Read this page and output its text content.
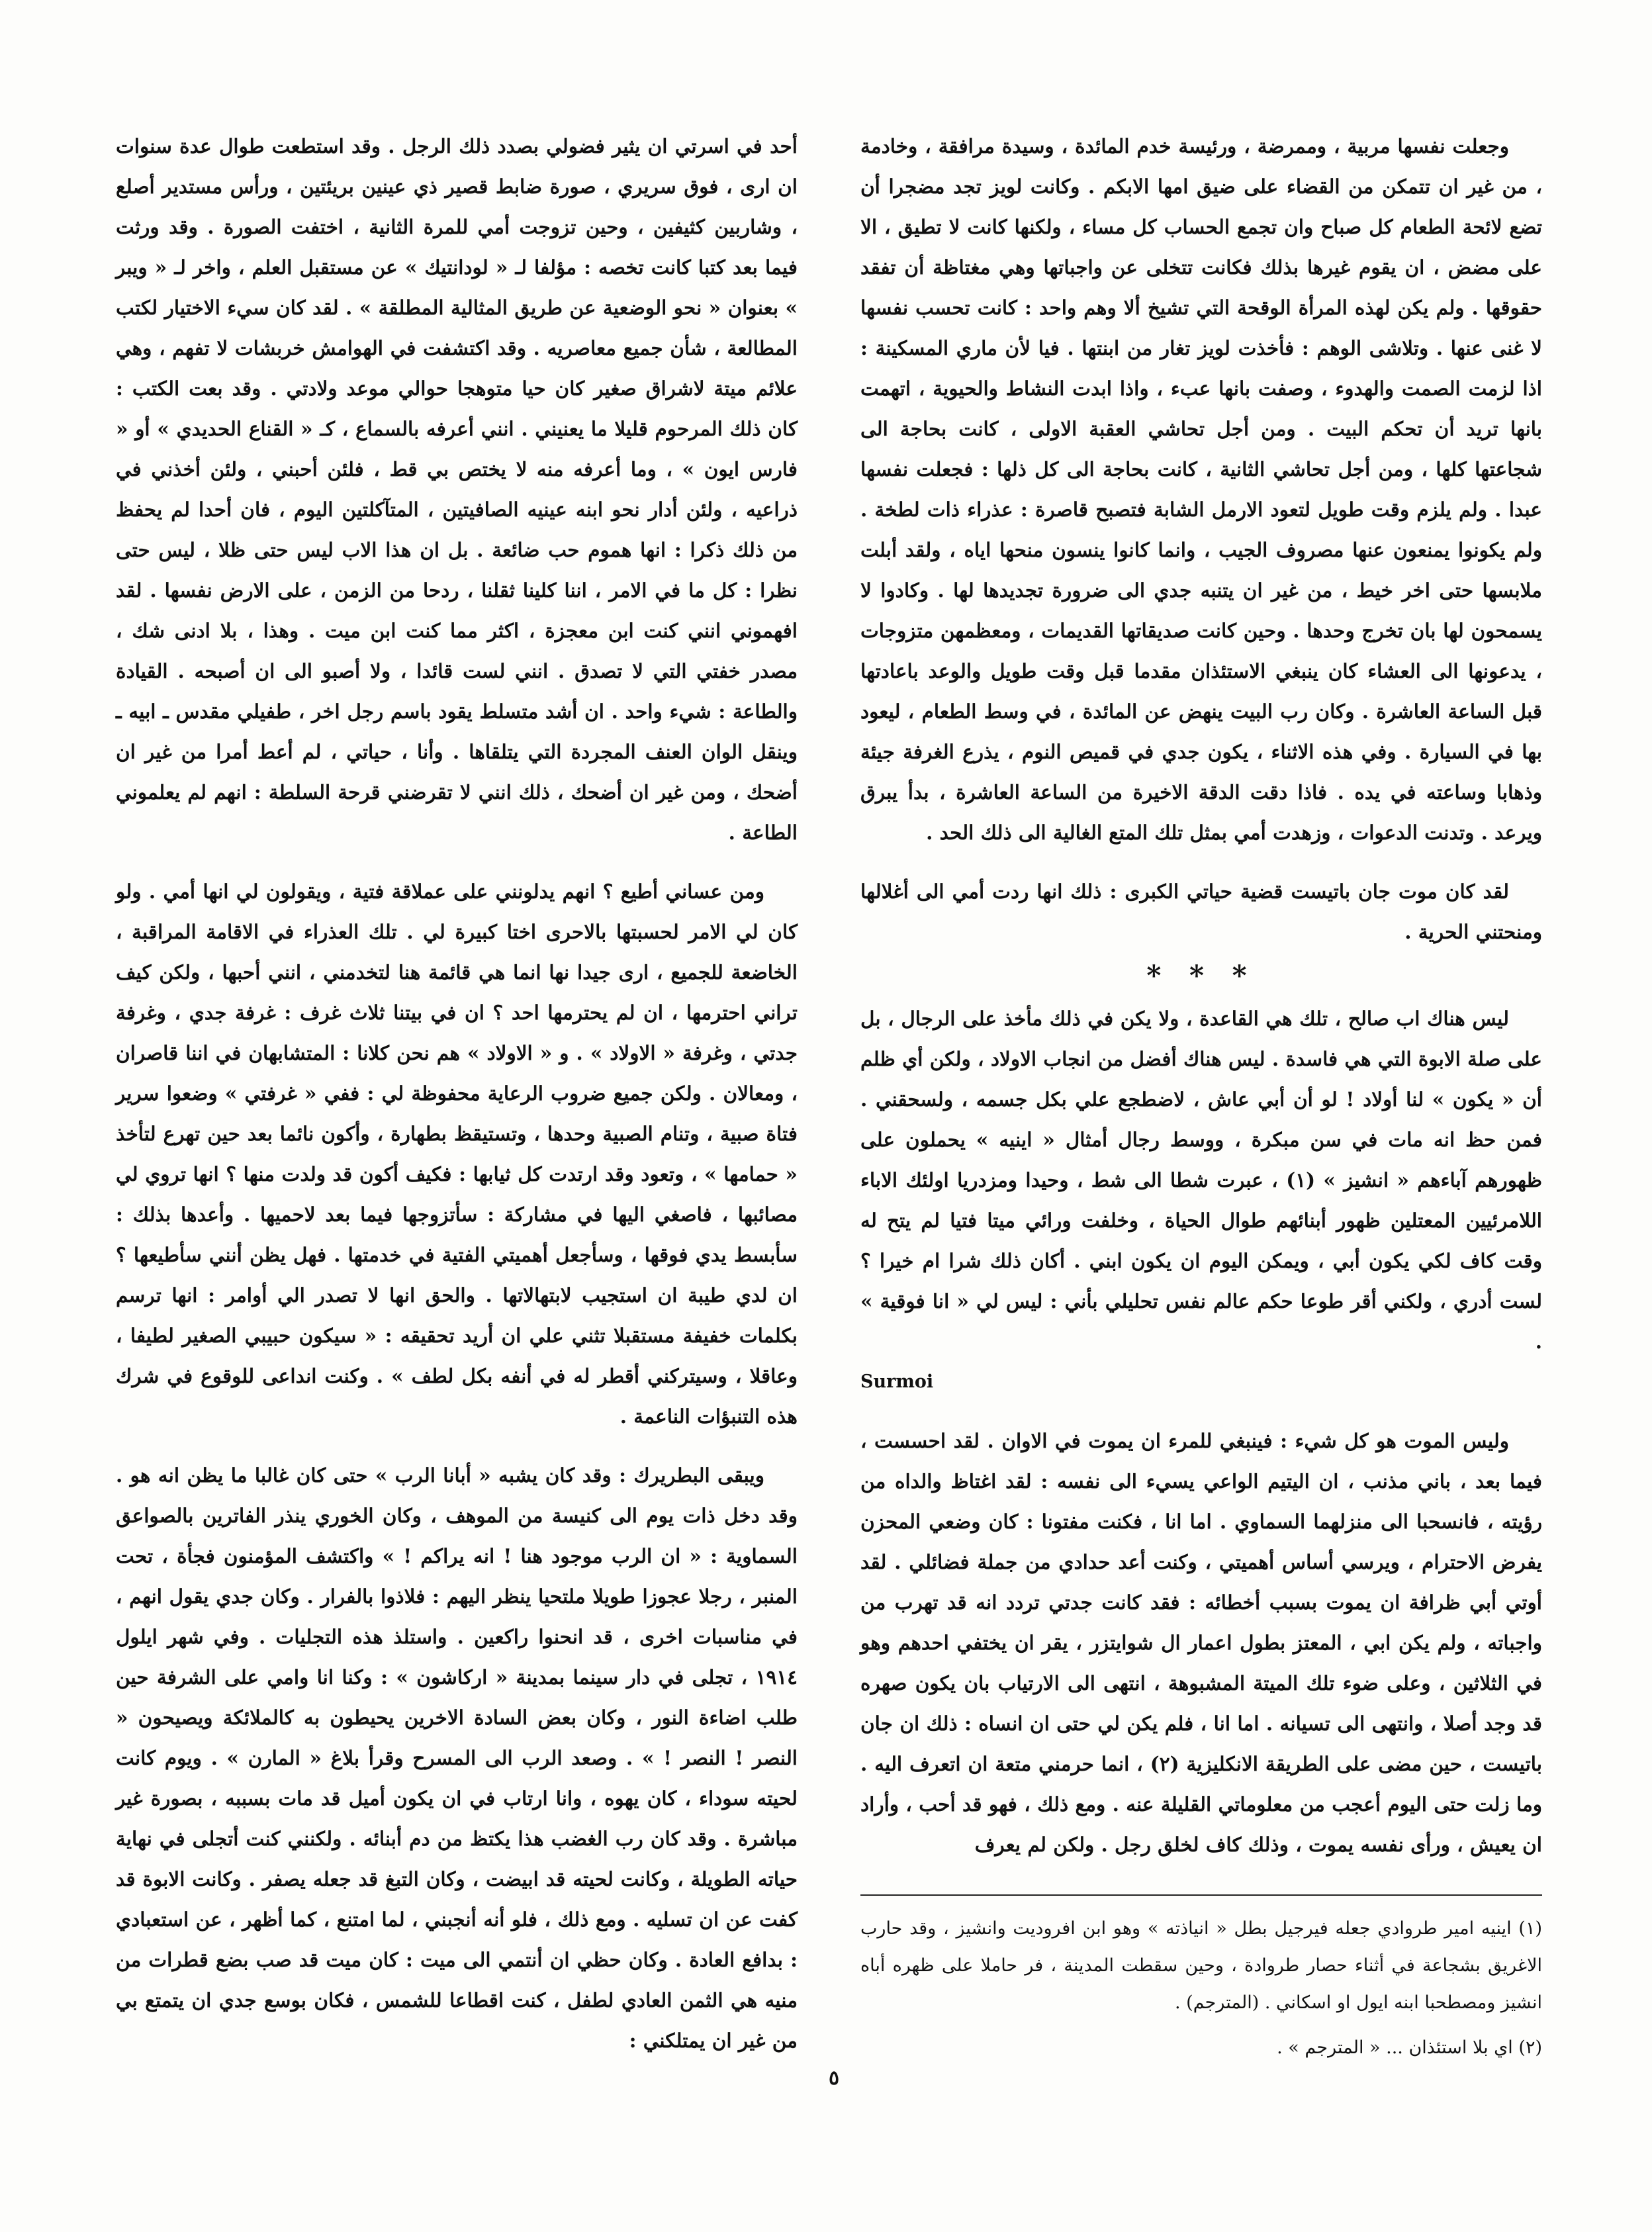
وجعلت نفسها مربية ، وممرضة ، ورئيسة خدم المائدة ، وسيدة مرافقة ، وخادمة ، من غير ان تتمكن من القضاء على ضيق امها الابكم . وكانت لويز تجد مضجرا أن تضع لائحة الطعام كل صباح وان تجمع الحساب كل مساء ، ولكنها كانت لا تطيق ، الا على مضض ، ان يقوم غيرها بذلك فكانت تتخلى عن واجباتها وهي مغتاظة أن تفقد حقوقها . ولم يكن لهذه المرأة الوقحة التي تشيخ ألا وهم واحد : كانت تحسب نفسها لا غنى عنها . وتلاشى الوهم : فأخذت لويز تغار من ابنتها . فيا لأن ماري المسكينة : اذا لزمت الصمت والهدوء ، وصفت بانها عبء ، واذا ابدت النشاط والحيوية ، اتهمت بانها تريد أن تحكم البيت . ومن أجل تحاشي العقبة الاولى ، كانت بحاجة الى شجاعتها كلها ، ومن أجل تحاشي الثانية ، كانت بحاجة الى كل ذلها : فجعلت نفسها عبدا . ولم يلزم وقت طويل لتعود الارمل الشابة فتصبح قاصرة : عذراء ذات لطخة . ولم يكونوا يمنعون عنها مصروف الجيب ، وانما كانوا ينسون منحها اياه ، ولقد أبلت ملابسها حتى اخر خيط ، من غير ان يتنبه جدي الى ضرورة تجديدها لها . وكادوا لا يسمحون لها بان تخرج وحدها . وحين كانت صديقاتها القديمات ، ومعظمهن متزوجات ، يدعونها الى العشاء كان ينبغي الاستئذان مقدما قبل وقت طويل والوعد باعادتها قبل الساعة العاشرة . وكان رب البيت ينهض عن المائدة ، في وسط الطعام ، ليعود بها في السيارة . وفي هذه الاثناء ، يكون جدي في قميص النوم ، يذرع الغرفة جيئة وذهابا وساعته في يده . فاذا دقت الدقة الاخيرة من الساعة العاشرة ، بدأ يبرق ويرعد . وتدنت الدعوات ، وزهدت أمي بمثل تلك المتع الغالية الى ذلك الحد .

لقد كان موت جان باتيست قضية حياتي الكبرى : ذلك انها ردت أمي الى أغلالها ومنحتني الحرية .

* * *

ليس هناك اب صالح ، تلك هي القاعدة ، ولا يكن في ذلك مأخذ على الرجال ، بل على صلة الابوة التي هي فاسدة . ليس هناك أفضل من انجاب الاولاد ، ولكن أي ظلم أن « يكون » لنا أولاد ! لو أن أبي عاش ، لاضطجع علي بكل جسمه ، ولسحقني . فمن حظ انه مات في سن مبكرة ، ووسط رجال أمثال « اينيه » يحملون على ظهورهم آباءهم « انشيز » (١) ، عبرت شطا الى شط ، وحيدا ومزدريا اولئك الاباء اللامرئيين المعتلين ظهور أبنائهم طوال الحياة ، وخلفت ورائي ميتا فتيا لم يتح له وقت كاف لكي يكون أبي ، ويمكن اليوم ان يكون ابني . أكان ذلك شرا ام خيرا ؟ لست أدري ، ولكني أقر طوعا حكم عالم نفس تحليلي بأني : ليس لي « انا فوقية » .

Surmoi

وليس الموت هو كل شيء : فينبغي للمرء ان يموت في الاوان . لقد احسست ، فيما بعد ، باني مذنب ، ان اليتيم الواعي يسيء الى نفسه : لقد اغتاظ والداه من رؤيته ، فانسحبا الى منزلهما السماوي . اما انا ، فكنت مفتونا : كان وضعي المحزن يفرض الاحترام ، ويرسي أساس أهميتي ، وكنت أعد حدادي من جملة فضائلي . لقد أوتي أبي ظرافة ان يموت بسبب أخطائه : فقد كانت جدتي تردد انه قد تهرب من واجباته ، ولم يكن ابي ، المعتز بطول اعمار ال شوايتزر ، يقر ان يختفي احدهم وهو في الثلاثين ، وعلى ضوء تلك الميتة المشبوهة ، انتهى الى الارتياب بان يكون صهره قد وجد أصلا ، وانتهى الى تسيانه . اما انا ، فلم يكن لي حتى ان انساه : ذلك ان جان باتيست ، حين مضى على الطريقة الانكليزية (٢) ، انما حرمني متعة ان اتعرف اليه . وما زلت حتى اليوم أعجب من معلوماتي القليلة عنه . ومع ذلك ، فهو قد أحب ، وأراد ان يعيش ، ورأى نفسه يموت ، وذلك كاف لخلق رجل . ولكن لم يعرف

أحد في اسرتي ان يثير فضولي بصدد ذلك الرجل . وقد استطعت طوال عدة سنوات ان ارى ، فوق سريري ، صورة ضابط قصير ذي عينين بريئتين ، ورأس مستدير أصلع ، وشاربين كثيفين ، وحين تزوجت أمي للمرة الثانية ، اختفت الصورة . وقد ورثت فيما بعد كتبا كانت تخصه : مؤلفا لـ « لودانتيك » عن مستقبل العلم ، واخر لـ « ويبر » بعنوان « نحو الوضعية عن طريق المثالية المطلقة » . لقد كان سيء الاختيار لكتب المطالعة ، شأن جميع معاصريه . وقد اكتشفت في الهوامش خربشات لا تفهم ، وهي علائم ميتة لاشراق صغير كان حيا متوهجا حوالي موعد ولادتي . وقد بعت الكتب : كان ذلك المرحوم قليلا ما يعنيني . انني أعرفه بالسماع ، كـ « القناع الحديدي » أو « فارس ايون » ، وما أعرفه منه لا يختص بي قط ، فلئن أحبني ، ولئن أخذني في ذراعيه ، ولئن أدار نحو ابنه عينيه الصافيتين ، المتآكلتين اليوم ، فان أحدا لم يحفظ من ذلك ذكرا : انها هموم حب ضائعة . بل ان هذا الاب ليس حتى ظلا ، ليس حتى نظرا : كل ما في الامر ، اننا كلينا ثقلنا ، ردحا من الزمن ، على الارض نفسها . لقد افهموني انني كنت ابن معجزة ، اكثر مما كنت ابن ميت . وهذا ، بلا ادنى شك ، مصدر خفتي التي لا تصدق . انني لست قائدا ، ولا أصبو الى ان أصبحه . القيادة والطاعة : شيء واحد . ان أشد متسلط يقود باسم رجل اخر ، طفيلي مقدس ـ ابيه ـ وينقل الوان العنف المجردة التي يتلقاها . وأنا ، حياتي ، لم أعط أمرا من غير ان أضحك ، ومن غير ان أضحك ، ذلك انني لا تقرضني قرحة السلطة : انهم لم يعلموني الطاعة .

ومن عساني أطيع ؟ انهم يدلونني على عملاقة فتية ، ويقولون لي انها أمي . ولو كان لي الامر لحسبتها بالاحرى اختا كبيرة لي . تلك العذراء في الاقامة المراقبة ، الخاضعة للجميع ، ارى جيدا نها انما هي قائمة هنا لتخدمني ، انني أحبها ، ولكن كيف تراني احترمها ، ان لم يحترمها احد ؟ ان في بيتنا ثلاث غرف : غرفة جدي ، وغرفة جدتي ، وغرفة « الاولاد » . و « الاولاد » هم نحن كلانا : المتشابهان في اننا قاصران ، ومعالان . ولكن جميع ضروب الرعاية محفوظة لي : ففي « غرفتي » وضعوا سرير فتاة صبية ، وتنام الصبية وحدها ، وتستيقظ بطهارة ، وأكون نائما بعد حين تهرع لتأخذ « حمامها » ، وتعود وقد ارتدت كل ثيابها : فكيف أكون قد ولدت منها ؟ انها تروي لي مصائبها ، فاصغي اليها في مشاركة : سأتزوجها فيما بعد لاحميها . وأعدها بذلك : سأبسط يدي فوقها ، وسأجعل أهميتي الفتية في خدمتها . فهل يظن أنني سأطيعها ؟ ان لدي طيبة ان استجيب لابتهالاتها . والحق انها لا تصدر الي أوامر : انها ترسم بكلمات خفيفة مستقبلا تثني علي ان أريد تحقيقه : « سيكون حبيبي الصغير لطيفا ، وعاقلا ، وسيتركني أقطر له في أنفه بكل لطف » . وكنت انداعى للوقوع في شرك هذه التنبؤات الناعمة .

ويبقى البطريرك : وقد كان يشبه « أبانا الرب » حتى كان غالبا ما يظن انه هو . وقد دخل ذات يوم الى كنيسة من الموهف ، وكان الخوري ينذر الفاترين بالصواعق السماوية : « ان الرب موجود هنا ! انه يراكم ! » واكتشف المؤمنون فجأة ، تحت المنبر ، رجلا عجوزا طويلا ملتحيا ينظر اليهم : فلاذوا بالفرار . وكان جدي يقول انهم ، في مناسبات اخرى ، قد انحنوا راكعين . واستلذ هذه التجليات . وفي شهر ايلول ١٩١٤ ، تجلى في دار سينما بمدينة « اركاشون » : وكنا انا وامي على الشرفة حين طلب اضاءة النور ، وكان بعض السادة الاخرين يحيطون به كالملائكة ويصيحون « النصر ! النصر ! » . وصعد الرب الى المسرح وقرأ بلاغ « المارن » . ويوم كانت لحيته سوداء ، كان يهوه ، وانا ارتاب في ان يكون أميل قد مات بسببه ، بصورة غير مباشرة . وقد كان رب الغضب هذا يكتظ من دم أبنائه . ولكنني كنت أتجلى في نهاية حياته الطويلة ، وكانت لحيته قد ابيضت ، وكان التبغ قد جعله يصفر . وكانت الابوة قد كفت عن ان تسليه . ومع ذلك ، فلو أنه أنجبني ، لما امتنع ، كما أظهر ، عن استعبادي : بدافع العادة . وكان حظي ان أنتمي الى ميت : كان ميت قد صب بضع قطرات من منيه هي الثمن العادي لطفل ، كنت اقطاعا للشمس ، فكان بوسع جدي ان يتمتع بي من غير ان يمتلكني :

(١) اينيه امير طروادي جعله فيرجيل بطل « انياذته » وهو ابن افروديت وانشيز ، وقد حارب الاغريق بشجاعة في أثناء حصار طروادة ، وحين سقطت المدينة ، فر حاملا على ظهره أباه انشيز ومصطحبا ابنه ايول او اسكاني . (المترجم) .

(٢) اي بلا استئذان ... « المترجم » .

٥
